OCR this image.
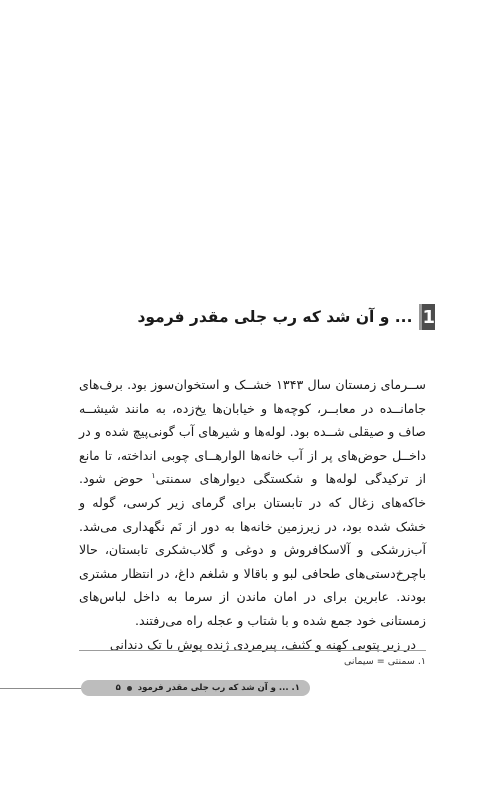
1
... و آن شد که رب جلی مقدر فرمود

ســرمای زمستان سال ۱۳۴۳ خشــک و استخوان‌سوز بود. برف‌های جامانــده در معابــر، کوچه‌ها و خیابان‌ها یخ‌زده، به مانند شیشــه صاف و صیقلی شــده بود. لوله‌ها و شیرهای آب گونی‌پیچ شده و در داخــل حوض‌های پر از آب خانه‌ها الوارهــای چوبی انداخته، تا مانع از ترکیدگی لوله‌ها و شکستگی دیوارهای سمنتی$^۱$ حوض شود. خاکه‌های زغال که در تابستان برای گرمای زیر کرسی، گوله و خشک شده بود، در زیرزمین خانه‌ها به دور از نَم نگهداری می‌شد. آب‌زرشکی و آلاسکافروش و دوغی و گلاب‌شکری تابستان، حالا باچرخ‌دستی‌های طحافی لبو و باقالا و شلغم داغ، در انتظار مشتری بودند. عابرین برای در امان ماندن از سرما به داخل لباس‌های زمستانی خود جمع شده و با شتاب و عجله راه می‌رفتند.

در زیر پتویی کهنه و کثیف، پیرمردی ژنده پوش با تک دندانی

۱. سمنتی = سیمانی
۱. ... و آن شد که رب جلی مقدر فرمود
۵
